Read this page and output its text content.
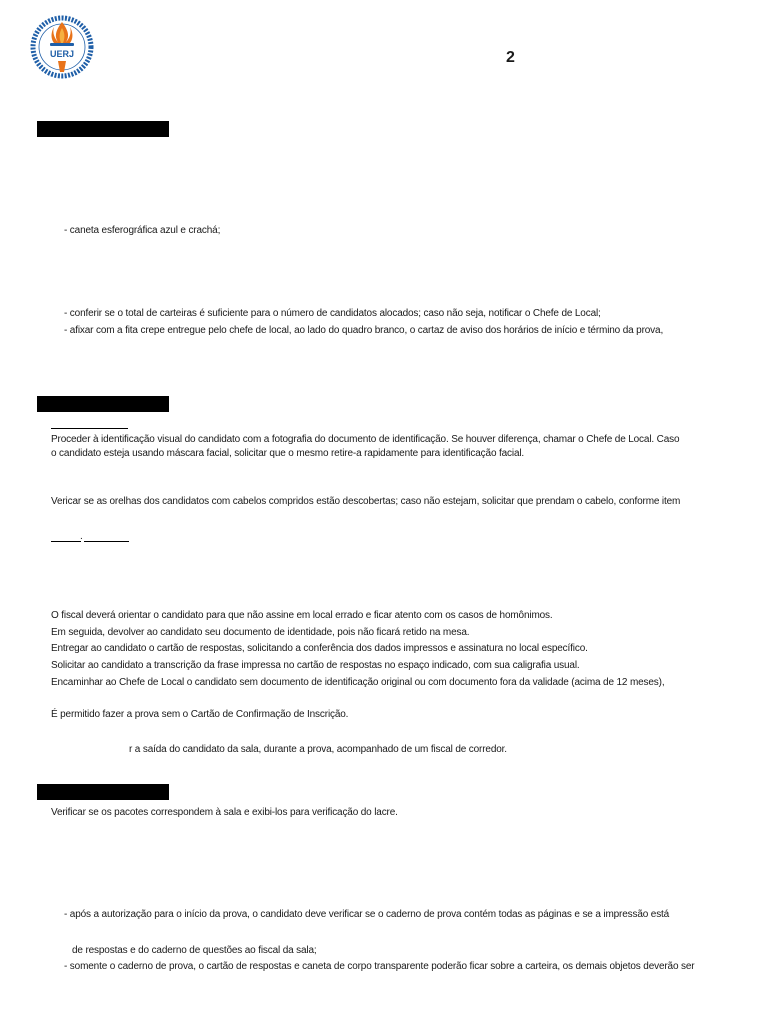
UERJ	2
- caneta esferográfica azul e crachá;
- conferir se o total de carteiras é suficiente para o número de candidatos alocados; caso não seja, notificar o Chefe de Local;
- afixar com a fita crepe entregue pelo chefe de local, ao lado do quadro branco, o cartaz de aviso dos horários de início e término da prova,
Proceder à identificação visual do candidato com a fotografia do documento de identificação. Se houver diferença, chamar o Chefe de Local. Caso
o candidato esteja usando máscara facial, solicitar que o mesmo retire-a rapidamente para identificação facial.
Vericar se as orelhas dos candidatos com cabelos compridos estão descobertas; caso não estejam, solicitar que prendam o cabelo, conforme item
.
O fiscal deverá orientar o candidato para que não assine em local errado e ficar atento com os casos de homônimos.
Em seguida, devolver ao candidato seu documento de identidade, pois não ficará retido na mesa.
Entregar ao candidato o cartão de respostas, solicitando a conferência dos dados impressos e assinatura no local específico.
Solicitar ao candidato a transcrição da frase impressa no cartão de respostas no espaço indicado, com sua caligrafia usual.
Encaminhar ao Chefe de Local o candidato sem documento de identificação original ou com documento fora da validade (acima de 12 meses),
É permitido fazer a prova sem o Cartão de Confirmação de Inscrição.
r a saída do candidato da sala, durante a prova, acompanhado de um fiscal de corredor.
Verificar se os pacotes correspondem à sala e exibi-los para verificação do lacre.
- após a autorização para o início da prova, o candidato deve verificar se o caderno de prova contém todas as páginas e se a impressão está
de respostas e do caderno de questões ao fiscal da sala;
- somente o caderno de prova, o cartão de respostas e caneta de corpo transparente poderão ficar sobre a carteira, os demais objetos deverão ser
